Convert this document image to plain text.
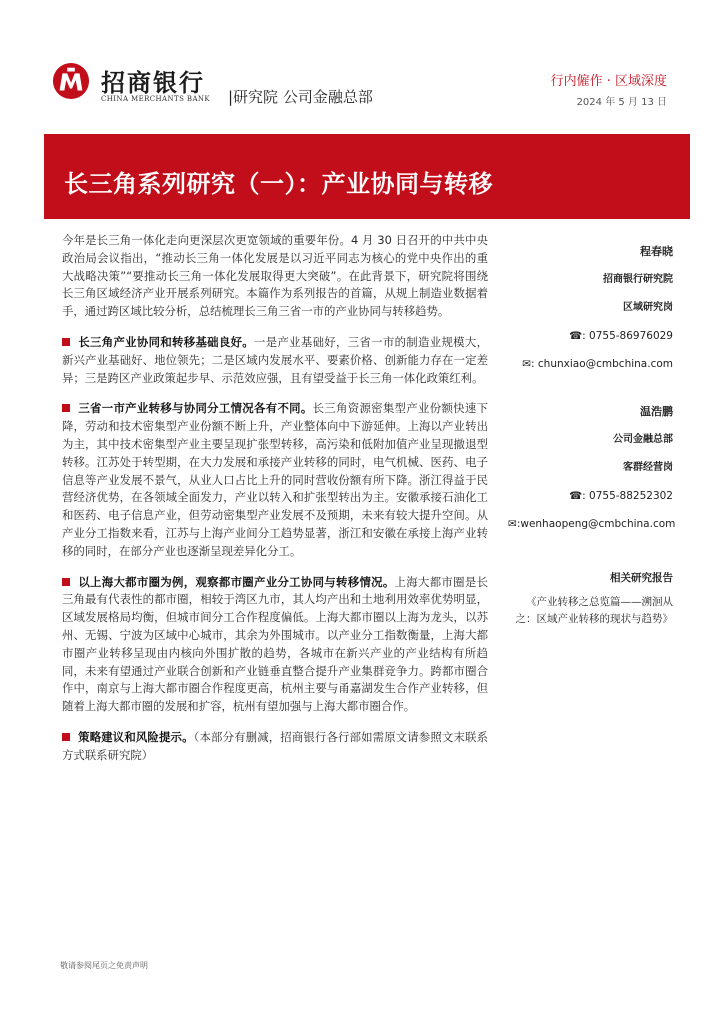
招商银行
CHINA MERCHANTS BANK |研究院 公司金融总部
行内僱作 · 区域深度
2024 年 5 月 13 日
长三角系列研究（一）：产业协同与转移

今年是长三角一体化走向更深层次更宽领域的重要年份。4 月 30 日召开的中共中央政治局会议指出，“推动长三角一体化发展是以习近平同志为核心的党中央作出的重大战略决策”“要推动长三角一体化发展取得更大突破”。在此背景下，研究院将围绕长三角区域经济产业开展系列研究。本篇作为系列报告的首篇，从规上制造业数据着手，通过跨区域比较分析，总结梳理长三角三省一市的产业协同与转移趋势。

长三角产业协同和转移基础良好。一是产业基础好，三省一市的制造业规模大，新兴产业基础好、地位领先；二是区域内发展水平、要素价格、创新能力存在一定差异；三是跨区产业政策起步早、示范效应强，且有望受益于长三角一体化政策红利。

三省一市产业转移与协同分工情况各有不同。长三角资源密集型产业份额快速下降，劳动和技术密集型产业份额不断上升，产业整体向中下游延伸。上海以产业转出为主，其中技术密集型产业主要呈现扩张型转移，高污染和低附加值产业呈现撤退型转移。江苏处于转型期，在大力发展和承接产业转移的同时，电气机械、医药、电子信息等产业发展不景气，从业人口占比上升的同时营收份额有所下降。浙江得益于民营经济优势，在各领域全面发力，产业以转入和扩张型转出为主。安徽承接石油化工和医药、电子信息产业，但劳动密集型产业发展不及预期，未来有较大提升空间。从产业分工指数来看，江苏与上海产业间分工趋势显著，浙江和安徽在承接上海产业转移的同时，在部分产业也逐渐呈现差异化分工。

以上海大都市圈为例，观察都市圈产业分工协同与转移情况。上海大都市圈是长三角最有代表性的都市圈，相较于湾区九市，其人均产出和土地利用效率优势明显，区域发展格局均衡，但城市间分工合作程度偏低。上海大都市圈以上海为龙头，以苏州、无锡、宁波为区域中心城市，其余为外围城市。以产业分工指数衡量，上海大都市圈产业转移呈现由内核向外围扩散的趋势，各城市在新兴产业的产业结构有所趋同，未来有望通过产业联合创新和产业链垂直整合提升产业集群竞争力。跨都市圈合作中，南京与上海大都市圈合作程度更高，杭州主要与甬嘉湖发生合作产业转移，但随着上海大都市圈的发展和扩容，杭州有望加强与上海大都市圈合作。

策略建议和风险提示。（本部分有删减，招商银行各行部如需原文请参照文末联系方式联系研究院）

程春晓
招商银行研究院
区域研究岗
☎: 0755-86976029
✉: chunxiao@cmbchina.com
温浩鹏
公司金融总部
客群经营岗
☎: 0755-88252302
✉:wenhaopeng@cmbchina.com
相关研究报告
《产业转移之总览篇——溯洄从之：区域产业转移的现状与趋势》
敬请参阅尾页之免责声明
